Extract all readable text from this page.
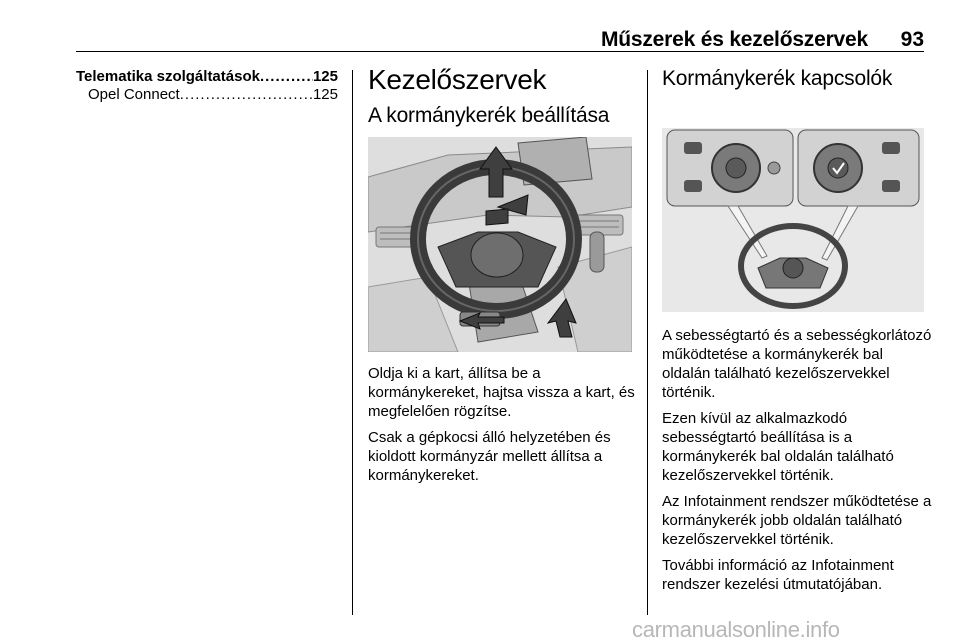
Műszerek és kezelőszervek 93
Telematika szolgáltatások .....	125
Opel Connect .....	125 Kezelőszervek
A kormánykerék beállítása

Oldja ki a kart, állítsa be a kormánykereket, hajtsa vissza a kart, és megfelelően rögzítse.

Csak a gépkocsi álló helyzetében és kioldott kormányzár mellett állítsa a kormánykereket.

Kormánykerék kapcsolók

A sebességtartó és a sebességkorlátozó működtetése a kormánykerék bal oldalán található kezelőszervekkel történik.

Ezen kívül az alkalmazkodó sebességtartó beállítása is a kormánykerék bal oldalán található kezelőszervekkel történik.

Az Infotainment rendszer működtetése a kormánykerék jobb oldalán található kezelőszervekkel történik.

További információ az Infotainment rendszer kezelési útmutatójában.

carmanualsonline.info
